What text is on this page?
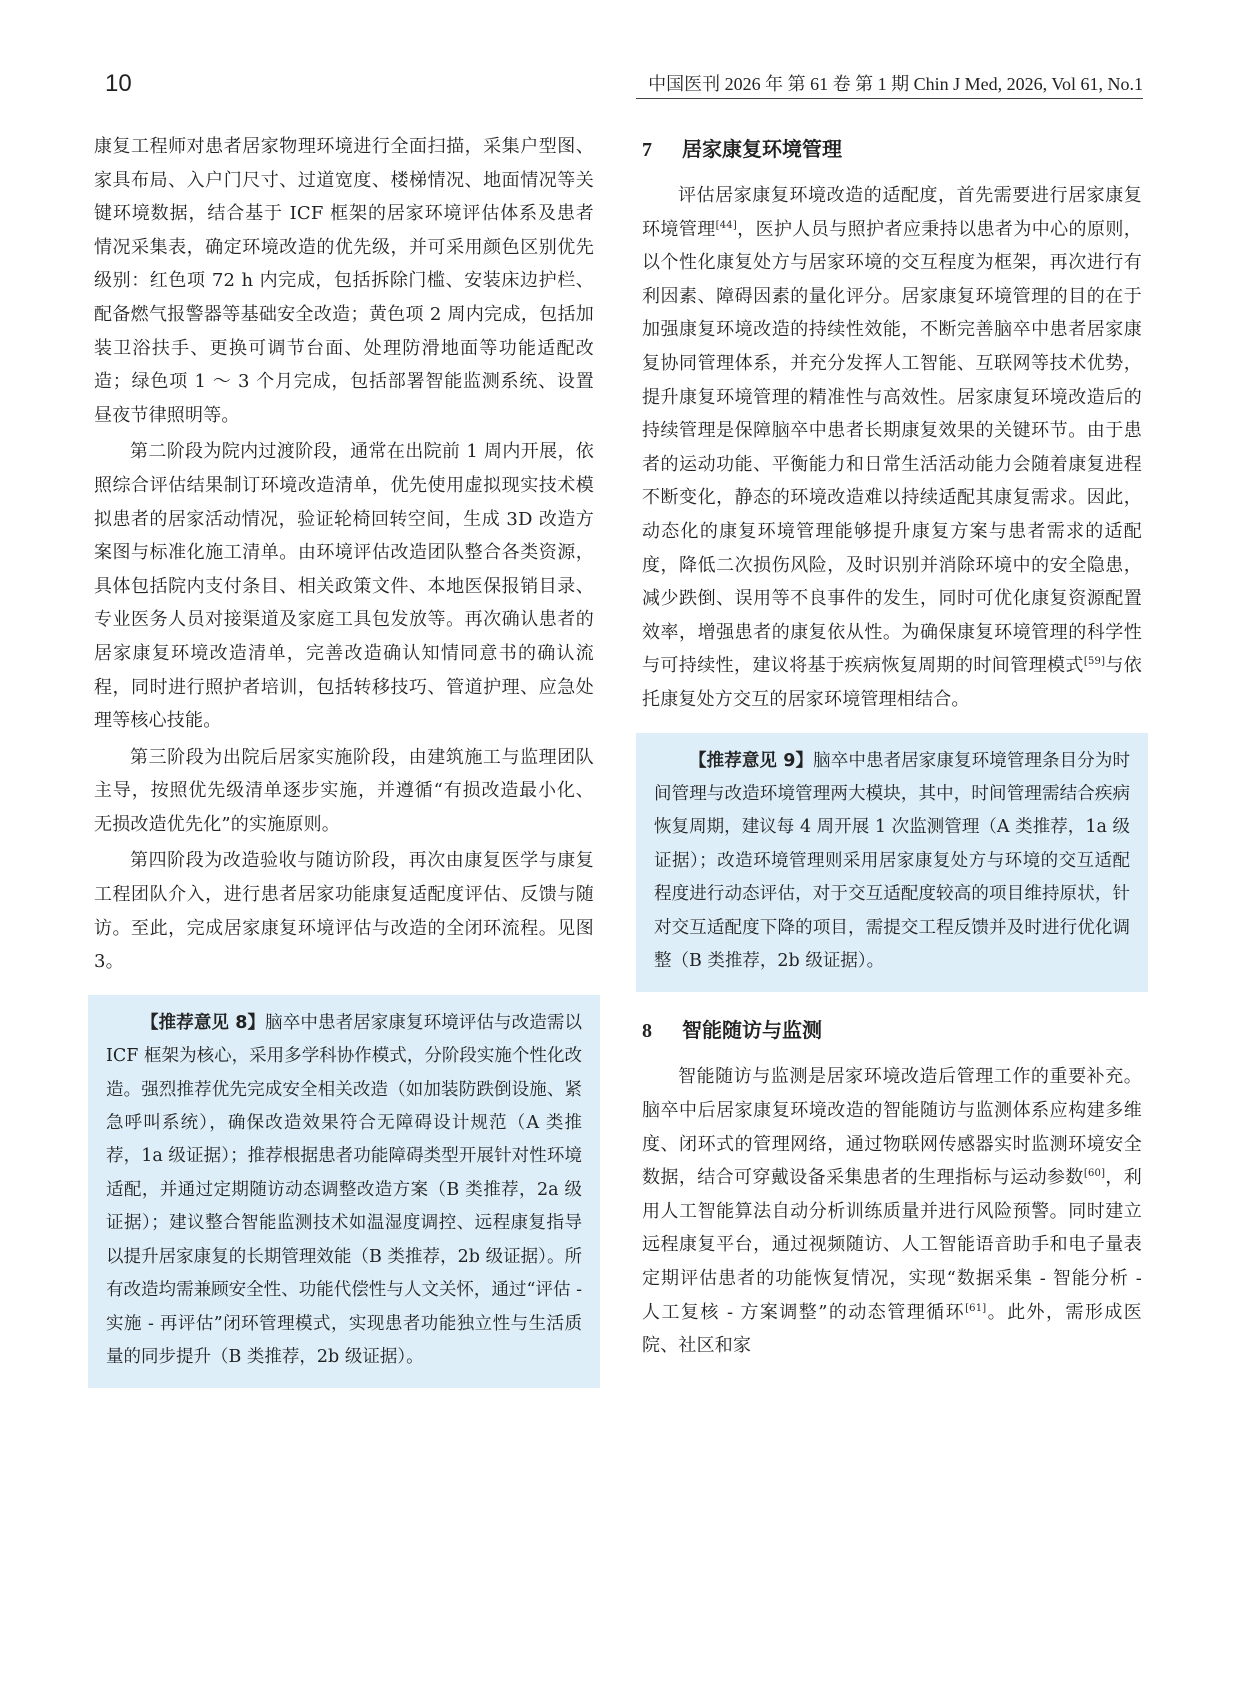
10	中国医刊 2026 年 第 61 卷 第 1 期 Chin J Med, 2026, Vol 61, No.1

康复工程师对患者居家物理环境进行全面扫描，采集户型图、家具布局、入户门尺寸、过道宽度、楼梯情况、地面情况等关键环境数据，结合基于 ICF 框架的居家环境评估体系及患者情况采集表，确定环境改造的优先级，并可采用颜色区别优先级别：红色项 72 h 内完成，包括拆除门槛、安装床边护栏、配备燃气报警器等基础安全改造；黄色项 2 周内完成，包括加装卫浴扶手、更换可调节台面、处理防滑地面等功能适配改造；绿色项 1 ～ 3 个月完成，包括部署智能监测系统、设置昼夜节律照明等。

第二阶段为院内过渡阶段，通常在出院前 1 周内开展，依照综合评估结果制订环境改造清单，优先使用虚拟现实技术模拟患者的居家活动情况，验证轮椅回转空间，生成 3D 改造方案图与标准化施工清单。由环境评估改造团队整合各类资源，具体包括院内支付条目、相关政策文件、本地医保报销目录、专业医务人员对接渠道及家庭工具包发放等。再次确认患者的居家康复环境改造清单，完善改造确认知情同意书的确认流程，同时进行照护者培训，包括转移技巧、管道护理、应急处理等核心技能。

第三阶段为出院后居家实施阶段，由建筑施工与监理团队主导，按照优先级清单逐步实施，并遵循“有损改造最小化、无损改造优先化”的实施原则。

第四阶段为改造验收与随访阶段，再次由康复医学与康复工程团队介入，进行患者居家功能康复适配度评估、反馈与随访。至此，完成居家康复环境评估与改造的全闭环流程。见图 3。

【推荐意见 8】脑卒中患者居家康复环境评估与改造需以 ICF 框架为核心，采用多学科协作模式，分阶段实施个性化改造。强烈推荐优先完成安全相关改造（如加装防跌倒设施、紧急呼叫系统），确保改造效果符合无障碍设计规范（A 类推荐，1a 级证据）；推荐根据患者功能障碍类型开展针对性环境适配，并通过定期随访动态调整改造方案（B 类推荐，2a 级证据）；建议整合智能监测技术如温湿度调控、远程康复指导以提升居家康复的长期管理效能（B 类推荐，2b 级证据）。所有改造均需兼顾安全性、功能代偿性与人文关怀，通过“评估 - 实施 - 再评估”闭环管理模式，实现患者功能独立性与生活质量的同步提升（B 类推荐，2b 级证据）。

7 居家康复环境管理

评估居家康复环境改造的适配度，首先需要进行居家康复环境管理[44]，医护人员与照护者应秉持以患者为中心的原则，以个性化康复处方与居家环境的交互程度为框架，再次进行有利因素、障碍因素的量化评分。居家康复环境管理的目的在于加强康复环境改造的持续性效能，不断完善脑卒中患者居家康复协同管理体系，并充分发挥人工智能、互联网等技术优势，提升康复环境管理的精准性与高效性。居家康复环境改造后的持续管理是保障脑卒中患者长期康复效果的关键环节。由于患者的运动功能、平衡能力和日常生活活动能力会随着康复进程不断变化，静态的环境改造难以持续适配其康复需求。因此，动态化的康复环境管理能够提升康复方案与患者需求的适配度，降低二次损伤风险，及时识别并消除环境中的安全隐患，减少跌倒、误用等不良事件的发生，同时可优化康复资源配置效率，增强患者的康复依从性。为确保康复环境管理的科学性与可持续性，建议将基于疾病恢复周期的时间管理模式[59]与依托康复处方交互的居家环境管理相结合。

【推荐意见 9】脑卒中患者居家康复环境管理条目分为时间管理与改造环境管理两大模块，其中，时间管理需结合疾病恢复周期，建议每 4 周开展 1 次监测管理（A 类推荐，1a 级证据）；改造环境管理则采用居家康复处方与环境的交互适配程度进行动态评估，对于交互适配度较高的项目维持原状，针对交互适配度下降的项目，需提交工程反馈并及时进行优化调整（B 类推荐，2b 级证据）。

8 智能随访与监测

智能随访与监测是居家环境改造后管理工作的重要补充。脑卒中后居家康复环境改造的智能随访与监测体系应构建多维度、闭环式的管理网络，通过物联网传感器实时监测环境安全数据，结合可穿戴设备采集患者的生理指标与运动参数[60]，利用人工智能算法自动分析训练质量并进行风险预警。同时建立远程康复平台，通过视频随访、人工智能语音助手和电子量表定期评估患者的功能恢复情况，实现“数据采集 - 智能分析 - 人工复核 - 方案调整”的动态管理循环[61]。此外，需形成医院、社区和家
